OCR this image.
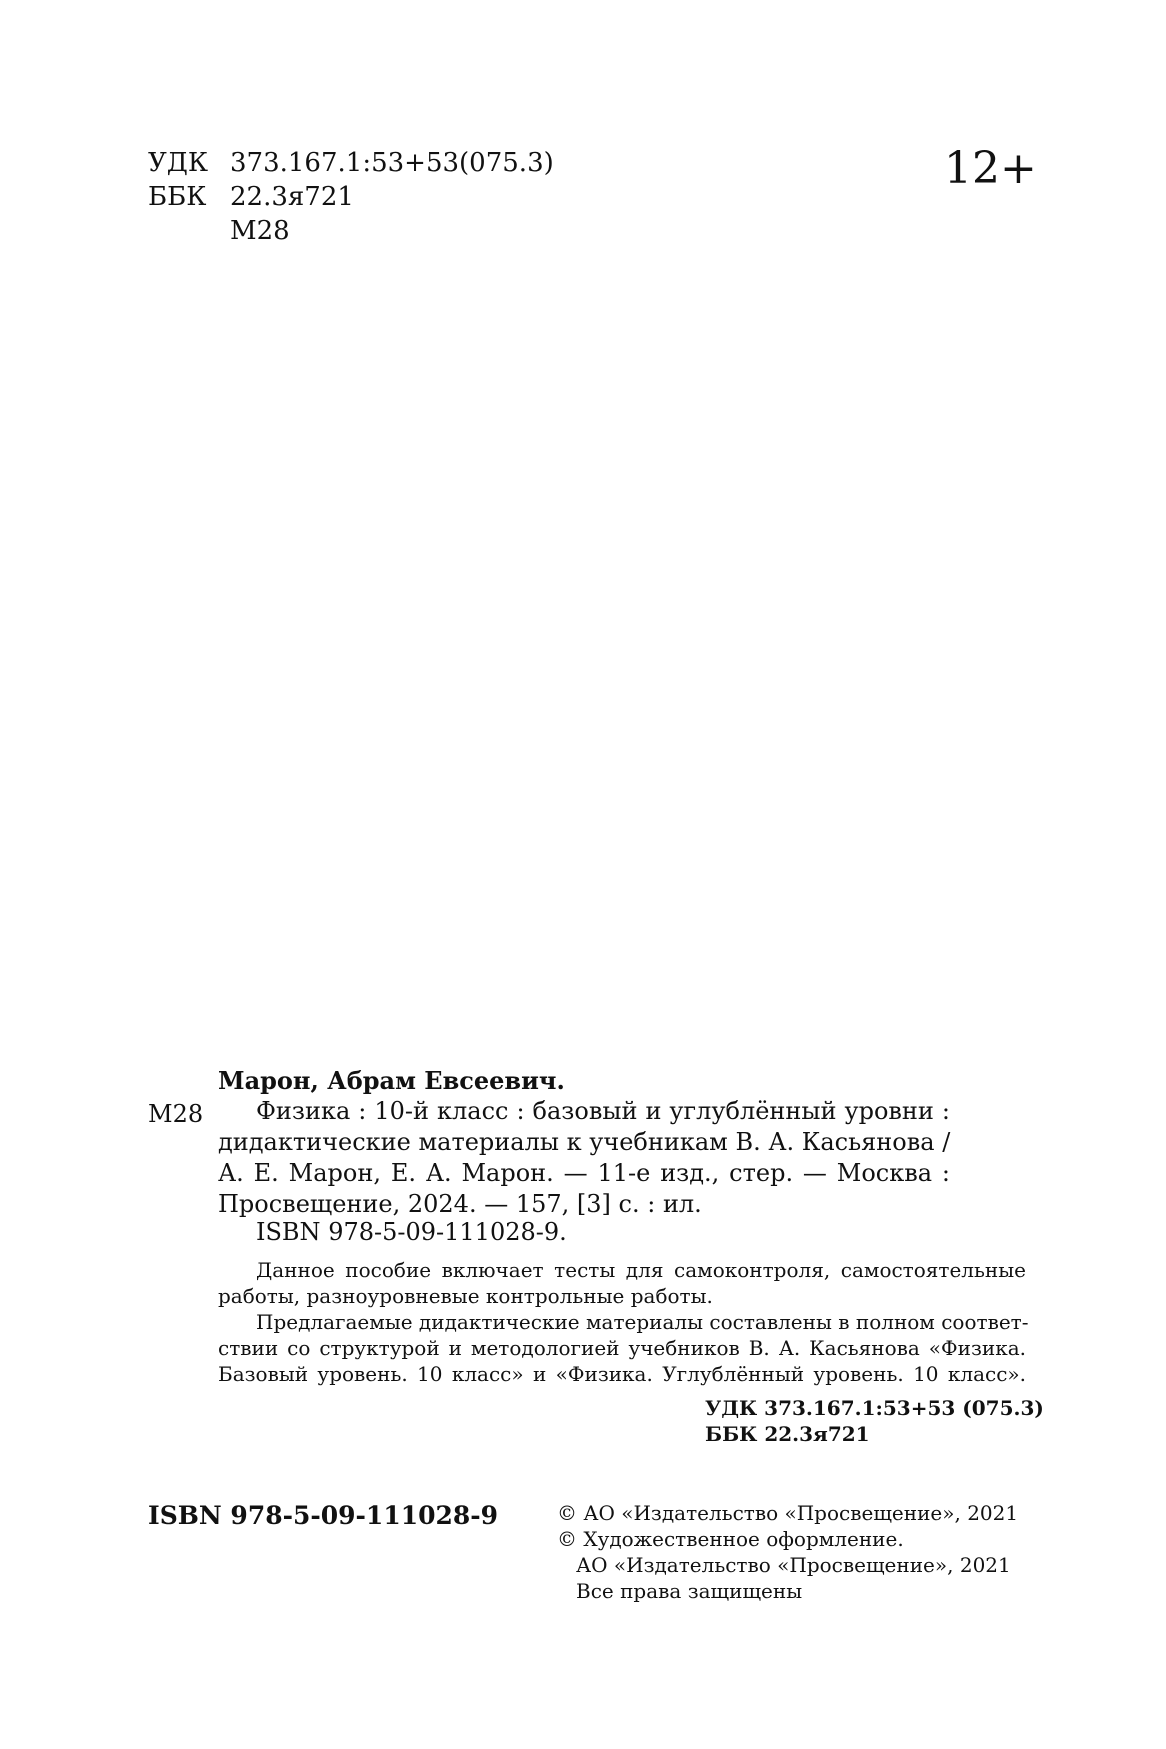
УДК 373.167.1:53+53(075.3)
ББК 22.3я721
М28
12+
Марон, Абрам Евсеевич.
М28 Физика : 10-й класс : базовый и углублённый уровни :
дидактические материалы к учебникам В. А. Касьянова /
А. Е. Марон, Е. А. Марон. — 11-е изд., стер. — Москва :
Просвещение, 2024. — 157, [3] с. : ил.
ISBN 978-5-09-111028-9.
Данное пособие включает тесты для самоконтроля, самостоятельные
работы, разноуровневые контрольные работы.
Предлагаемые дидактические материалы составлены в полном соответ-
ствии со структурой и методологией учебников В. А. Касьянова «Физика.
Базовый уровень. 10 класс» и «Физика. Углублённый уровень. 10 класс».
УДК 373.167.1:53+53 (075.3)
ББК 22.3я721
ISBN 978-5-09-111028-9	© АО «Издательство «Просвещение», 2021
© Художественное оформление.
АО «Издательство «Просвещение», 2021
Все права защищены
